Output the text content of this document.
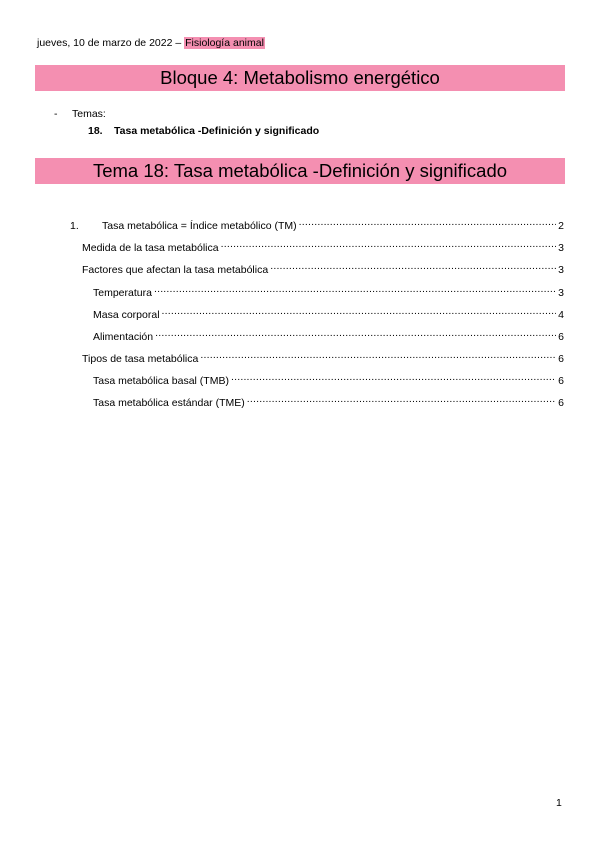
jueves, 10 de marzo de 2022 – Fisiología animal
Bloque 4: Metabolismo energético
- Temas:
18. Tasa metabólica -Definición y significado
Tema 18: Tasa metabólica -Definición y significado
1.	Tasa metabólica = Índice metabólico (TM) .....	2
Medida de la tasa metabólica .....	3
Factores que afectan la tasa metabólica .....	3
Temperatura .....	3
Masa corporal .....	4
Alimentación .....	6
Tipos de tasa metabólica .....	6
Tasa metabólica basal (TMB) .....	6
Tasa metabólica estándar (TME) .....	6
1
